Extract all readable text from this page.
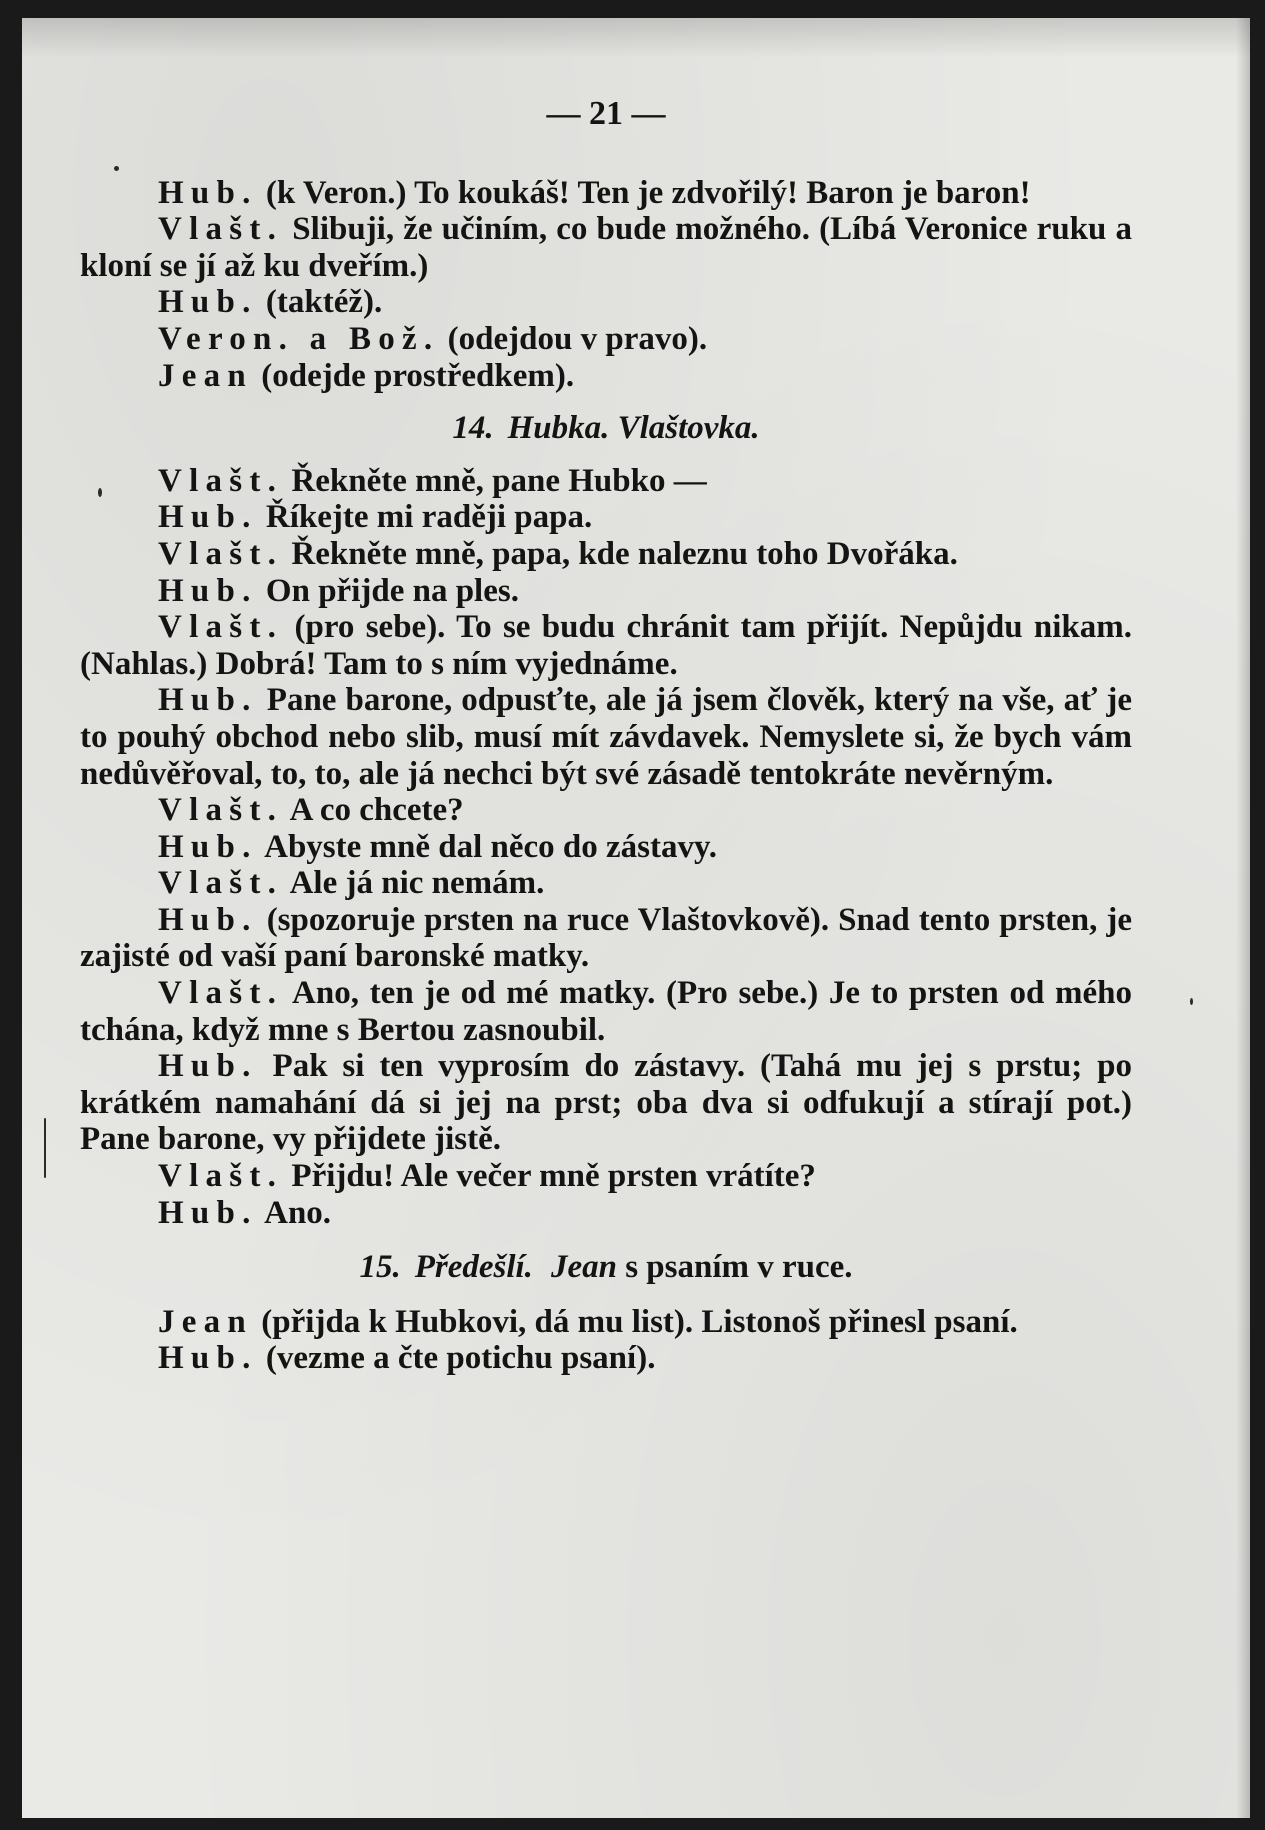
— 21 —

Hub. (k Veron.) To koukáš! Ten je zdvořilý! Baron je baron!

Vlašt. Slibuji, že učiním, co bude možného. (Líbá Veronice ruku a kloní se jí až ku dveřím.)

Hub. (taktéž).

Veron. a Bož. (odejdou v pravo).

Jean (odejde prostředkem).

14. Hubka. Vlaštovka.

Vlašt. Řekněte mně, pane Hubko —

Hub. Říkejte mi raději papa.

Vlašt. Řekněte mně, papa, kde naleznu toho Dvořáka.

Hub. On přijde na ples.

Vlašt. (pro sebe). To se budu chránit tam přijít. Nepůjdu nikam. (Nahlas.) Dobrá! Tam to s ním vyjednáme.

Hub. Pane barone, odpusťte, ale já jsem člověk, který na vše, ať je to pouhý obchod nebo slib, musí mít závdavek. Nemyslete si, že bych vám nedůvěřoval, to, to, ale já nechci být své zásadě tentokráte nevěrným.

Vlašt. A co chcete?

Hub. Abyste mně dal něco do zástavy.

Vlašt. Ale já nic nemám.

Hub. (spozoruje prsten na ruce Vlaštovkově). Snad tento prsten, je zajisté od vaší paní baronské matky.

Vlašt. Ano, ten je od mé matky. (Pro sebe.) Je to prsten od mého tchána, když mne s Bertou zasnoubil.

Hub. Pak si ten vyprosím do zástavy. (Tahá mu jej s prstu; po krátkém namahání dá si jej na prst; oba dva si odfukují a stírají pot.) Pane barone, vy přijdete jistě.

Vlašt. Přijdu! Ale večer mně prsten vrátíte?

Hub. Ano.

15. Předešlí. Jean s psaním v ruce.

Jean (přijda k Hubkovi, dá mu list). Listonoš přinesl psaní.

Hub. (vezme a čte potichu psaní).
